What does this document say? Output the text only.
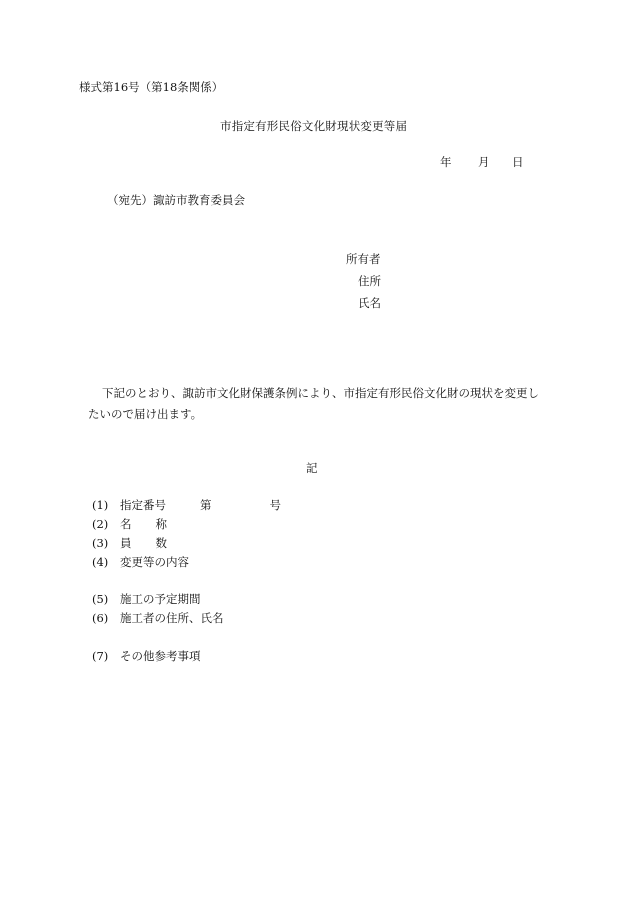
様式第16号（第18条関係）
市指定有形民俗文化財現状変更等届
年 月 日
（宛先）諏訪市教育委員会
所有者
住所
氏名
下記のとおり、諏訪市文化財保護条例により、市指定有形民俗文化財の現状を変更し
たいので届け出ます。
記
(1) 指定番号	第	号
(2) 名 称
(3) 員 数
(4) 変更等の内容
(5) 施工の予定期間
(6) 施工者の住所、氏名
(7) その他参考事項
